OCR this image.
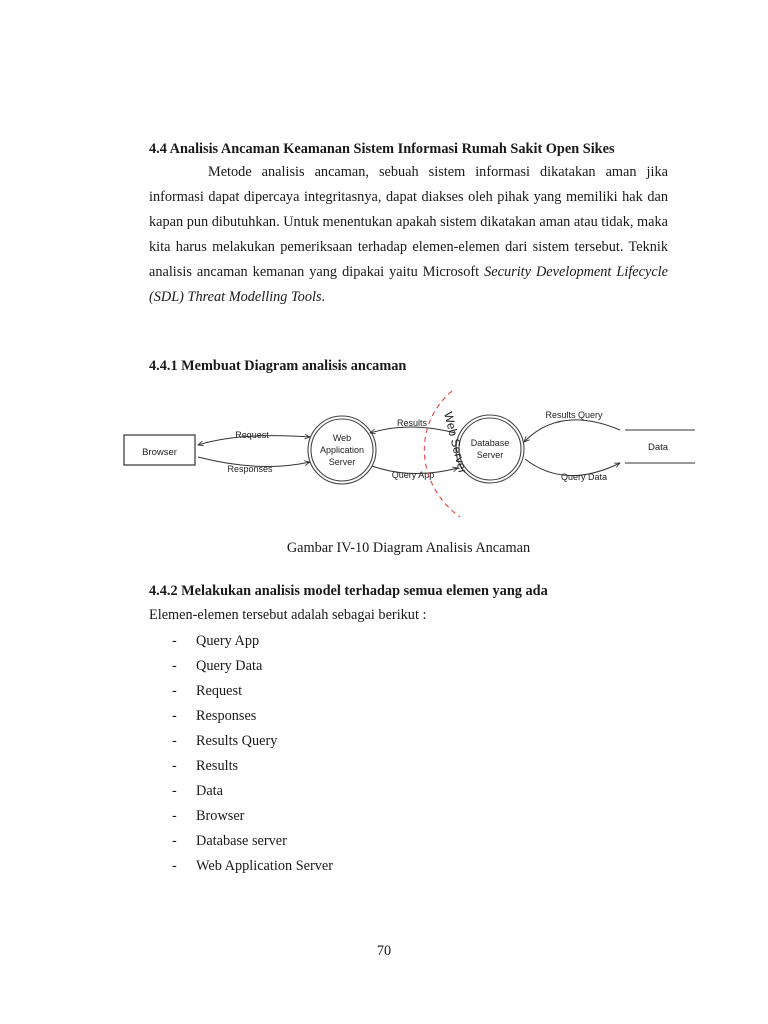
4.4 Analisis Ancaman Keamanan Sistem Informasi Rumah Sakit Open Sikes

Metode analisis ancaman, sebuah sistem informasi dikatakan aman jika informasi dapat dipercaya integritasnya, dapat diakses oleh pihak yang memiliki hak dan kapan pun dibutuhkan. Untuk menentukan apakah sistem dikatakan aman atau tidak, maka kita harus melakukan pemeriksaan terhadap elemen-elemen dari sistem tersebut. Teknik analisis ancaman kemanan yang dipakai yaitu Microsoft Security Development Lifecycle (SDL) Threat Modelling Tools.

4.4.1 Membuat Diagram analisis ancaman
Browser
Web
Application
Server
Database
Server
Data
Request
Responses
Results
Query App
Results Query
Query Data
Web Server

Gambar IV-10 Diagram Analisis Ancaman

4.4.2 Melakukan analisis model terhadap semua elemen yang ada

Elemen-elemen tersebut adalah sebagai berikut :

- Query App
- Query Data
- Request
- Responses
- Results Query
- Results
- Data
- Browser
- Database server
- Web Application Server

70
